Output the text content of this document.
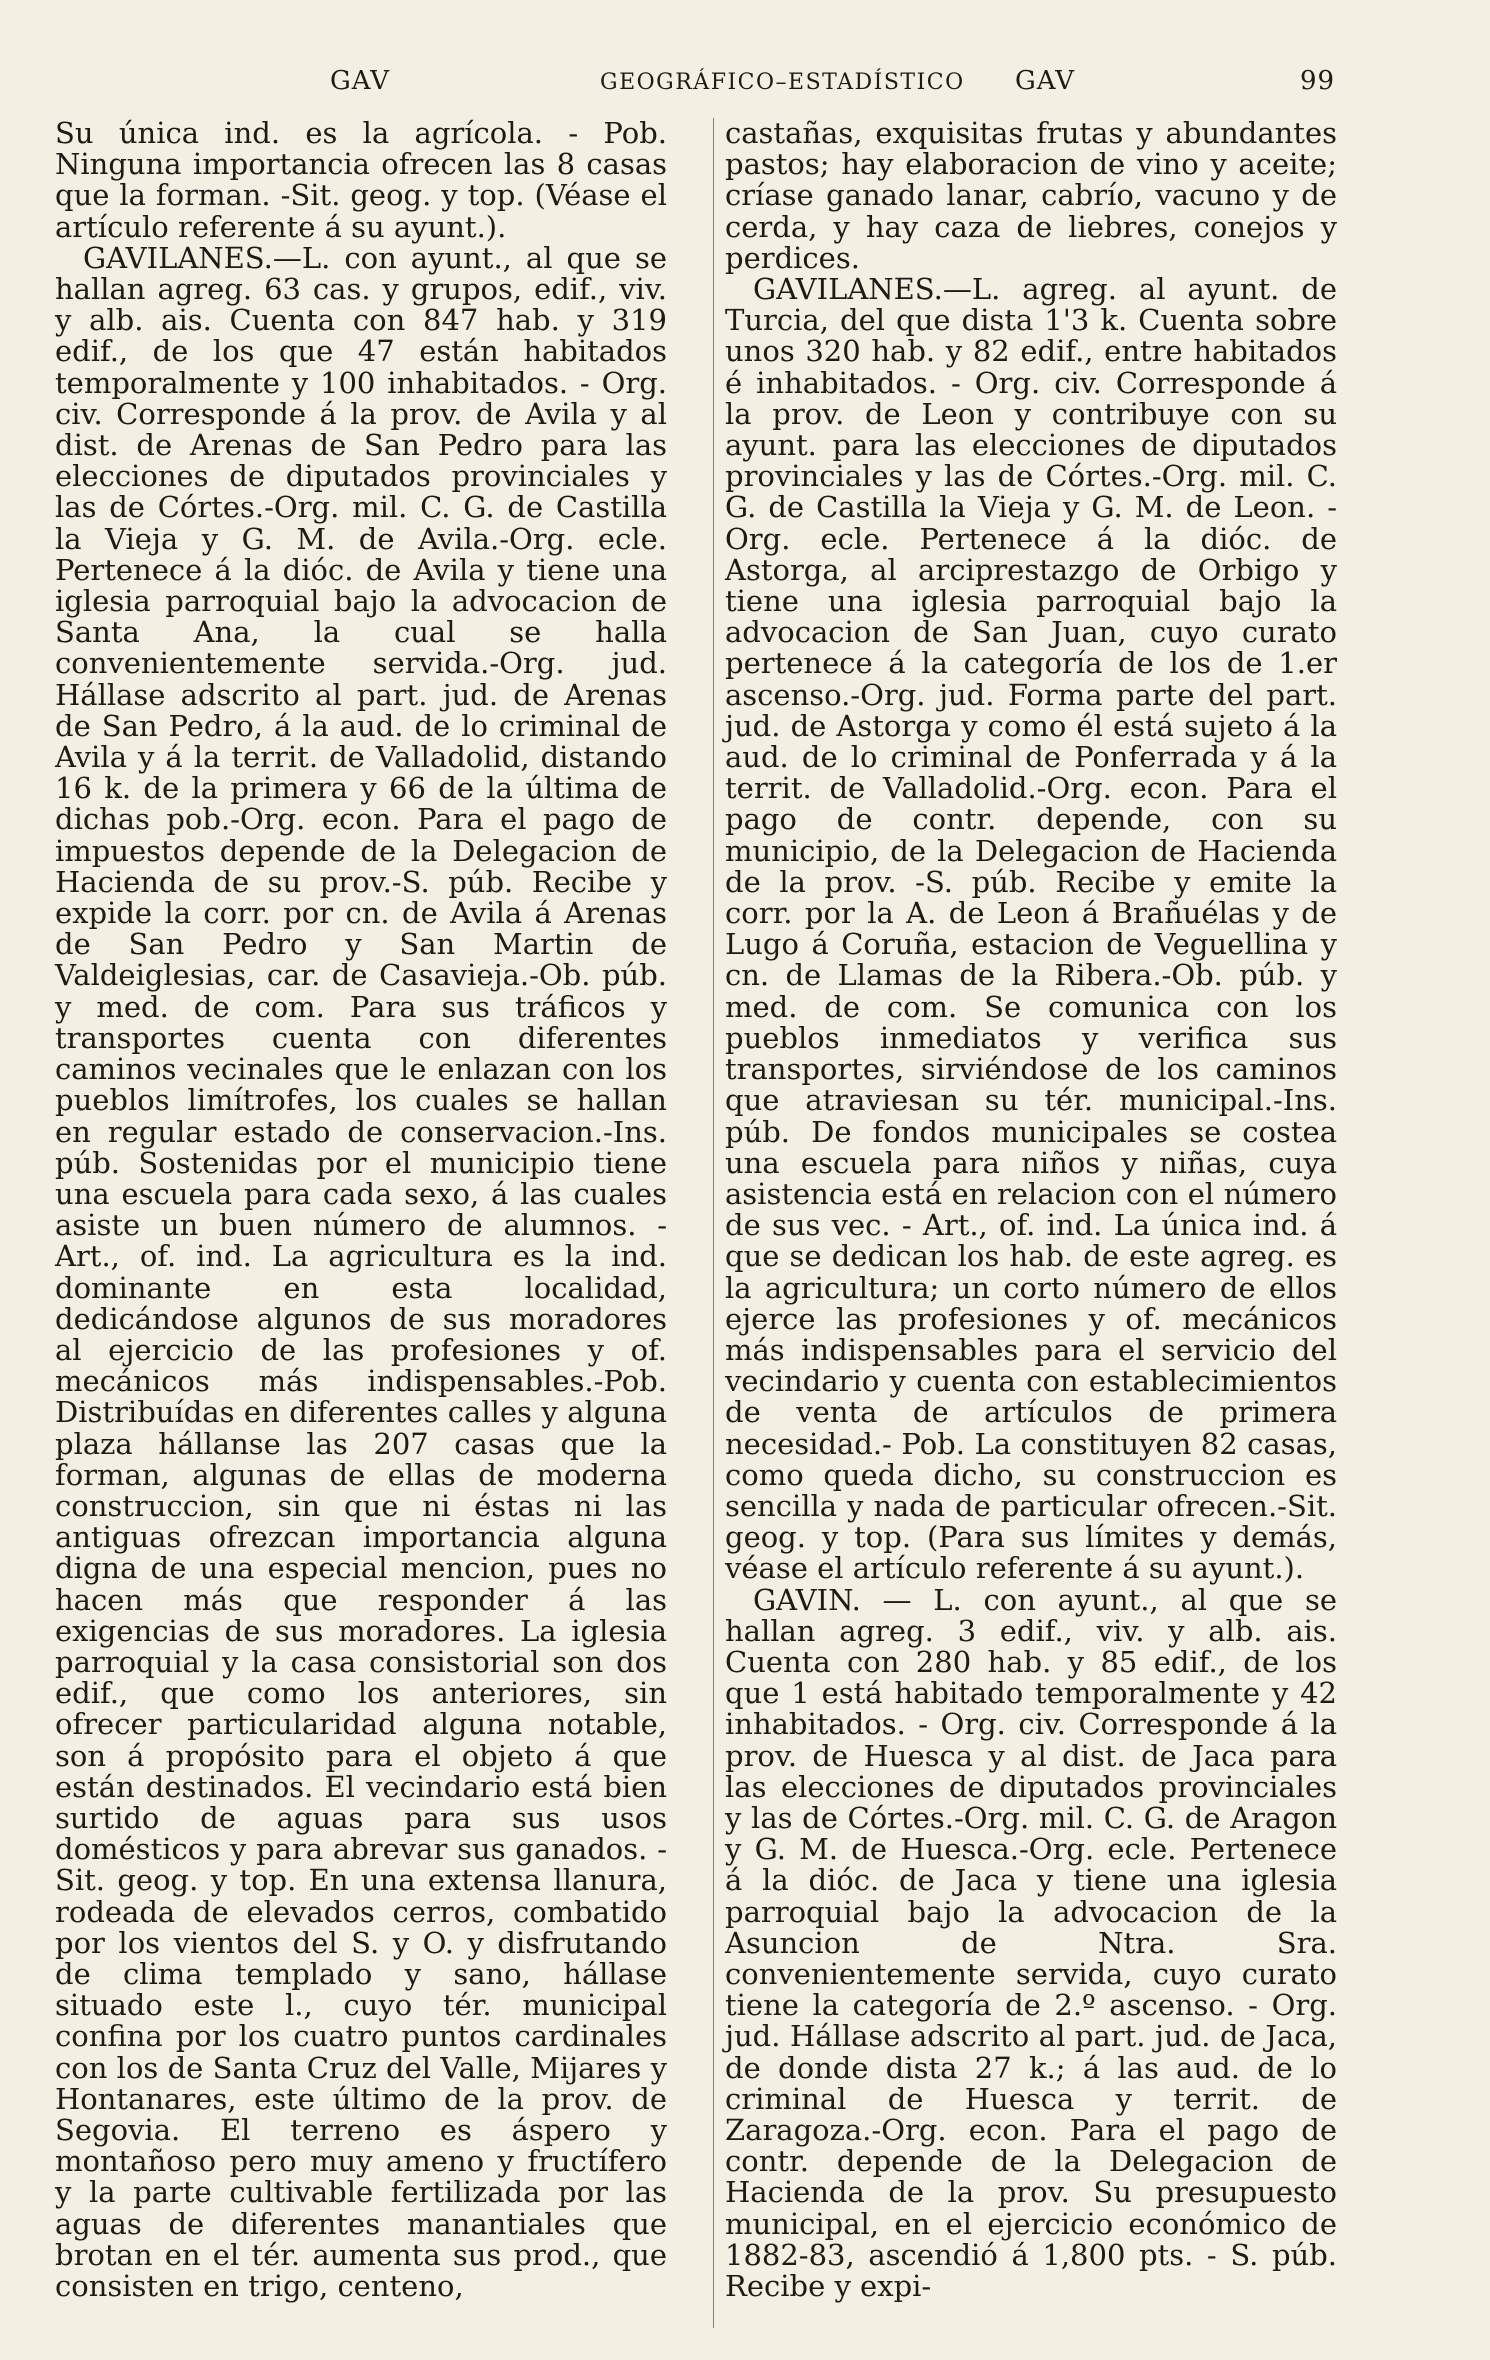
GAV	GEOGRÁFICO–ESTADÍSTICO GAV	99

Su única ind. es la agrícola. - Pob. Ninguna importancia ofrecen las 8 casas que la forman. -Sit. geog. y top. (Véase el artículo referente á su ayunt.).

GAVILANES.—L. con ayunt., al que se hallan agreg. 63 cas. y grupos, edif., viv. y alb. ais. Cuenta con 847 hab. y 319 edif., de los que 47 están habitados temporalmente y 100 inhabitados. - Org. civ. Corresponde á la prov. de Avila y al dist. de Arenas de San Pedro para las elecciones de diputados provinciales y las de Córtes.-Org. mil. C. G. de Castilla la Vieja y G. M. de Avila.-Org. ecle. Pertenece á la dióc. de Avila y tiene una iglesia parroquial bajo la advocacion de Santa Ana, la cual se halla convenientemente servida.-Org. jud. Hállase adscrito al part. jud. de Arenas de San Pedro, á la aud. de lo criminal de Avila y á la territ. de Valladolid, distando 16 k. de la primera y 66 de la última de dichas pob.-Org. econ. Para el pago de impuestos depende de la Delegacion de Hacienda de su prov.-S. púb. Recibe y expide la corr. por cn. de Avila á Arenas de San Pedro y San Martin de Valdeiglesias, car. de Casavieja.-Ob. púb. y med. de com. Para sus tráficos y transportes cuenta con diferentes caminos vecinales que le enlazan con los pueblos limítrofes, los cuales se hallan en regular estado de conservacion.-Ins. púb. Sostenidas por el municipio tiene una escuela para cada sexo, á las cuales asiste un buen número de alumnos. - Art., of. ind. La agricultura es la ind. dominante en esta localidad, dedicándose algunos de sus moradores al ejercicio de las profesiones y of. mecánicos más indispensables.-Pob. Distribuídas en diferentes calles y alguna plaza hállanse las 207 casas que la forman, algunas de ellas de moderna construccion, sin que ni éstas ni las antiguas ofrezcan importancia alguna digna de una especial mencion, pues no hacen más que responder á las exigencias de sus moradores. La iglesia parroquial y la casa consistorial son dos edif., que como los anteriores, sin ofrecer particularidad alguna notable, son á propósito para el objeto á que están destinados. El vecindario está bien surtido de aguas para sus usos domésticos y para abrevar sus ganados. -Sit. geog. y top. En una extensa llanura, rodeada de elevados cerros, combatido por los vientos del S. y O. y disfrutando de clima templado y sano, hállase situado este l., cuyo tér. municipal confina por los cuatro puntos cardinales con los de Santa Cruz del Valle, Mijares y Hontanares, este último de la prov. de Segovia. El terreno es áspero y montañoso pero muy ameno y fructífero y la parte cultivable fertilizada por las aguas de diferentes manantiales que brotan en el tér. aumenta sus prod., que consisten en trigo, centeno,

castañas, exquisitas frutas y abundantes pastos; hay elaboracion de vino y aceite; críase ganado lanar, cabrío, vacuno y de cerda, y hay caza de liebres, conejos y perdices.

GAVILANES.—L. agreg. al ayunt. de Turcia, del que dista 1'3 k. Cuenta sobre unos 320 hab. y 82 edif., entre habitados é inhabitados. - Org. civ. Corresponde á la prov. de Leon y contribuye con su ayunt. para las elecciones de diputados provinciales y las de Córtes.-Org. mil. C. G. de Castilla la Vieja y G. M. de Leon. - Org. ecle. Pertenece á la dióc. de Astorga, al arciprestazgo de Orbigo y tiene una iglesia parroquial bajo la advocacion de San Juan, cuyo curato pertenece á la categoría de los de 1.er ascenso.-Org. jud. Forma parte del part. jud. de Astorga y como él está sujeto á la aud. de lo criminal de Ponferrada y á la territ. de Valladolid.-Org. econ. Para el pago de contr. depende, con su municipio, de la Delegacion de Hacienda de la prov. -S. púb. Recibe y emite la corr. por la A. de Leon á Brañuélas y de Lugo á Coruña, estacion de Veguellina y cn. de Llamas de la Ribera.-Ob. púb. y med. de com. Se comunica con los pueblos inmediatos y verifica sus transportes, sirviéndose de los caminos que atraviesan su tér. municipal.-Ins. púb. De fondos municipales se costea una escuela para niños y niñas, cuya asistencia está en relacion con el número de sus vec. - Art., of. ind. La única ind. á que se dedican los hab. de este agreg. es la agricultura; un corto número de ellos ejerce las profesiones y of. mecánicos más indispensables para el servicio del vecindario y cuenta con establecimientos de venta de artículos de primera necesidad.- Pob. La constituyen 82 casas, como queda dicho, su construccion es sencilla y nada de particular ofrecen.-Sit. geog. y top. (Para sus límites y demás, véase el artículo referente á su ayunt.).

GAVIN. — L. con ayunt., al que se hallan agreg. 3 edif., viv. y alb. ais. Cuenta con 280 hab. y 85 edif., de los que 1 está habitado temporalmente y 42 inhabitados. - Org. civ. Corresponde á la prov. de Huesca y al dist. de Jaca para las elecciones de diputados provinciales y las de Córtes.-Org. mil. C. G. de Aragon y G. M. de Huesca.-Org. ecle. Pertenece á la dióc. de Jaca y tiene una iglesia parroquial bajo la advocacion de la Asuncion de Ntra. Sra. convenientemente servida, cuyo curato tiene la categoría de 2.º ascenso. - Org. jud. Hállase adscrito al part. jud. de Jaca, de donde dista 27 k.; á las aud. de lo criminal de Huesca y territ. de Zaragoza.-Org. econ. Para el pago de contr. depende de la Delegacion de Hacienda de la prov. Su presupuesto municipal, en el ejercicio económico de 1882-83, ascendió á 1,800 pts. - S. púb. Recibe y expi-
